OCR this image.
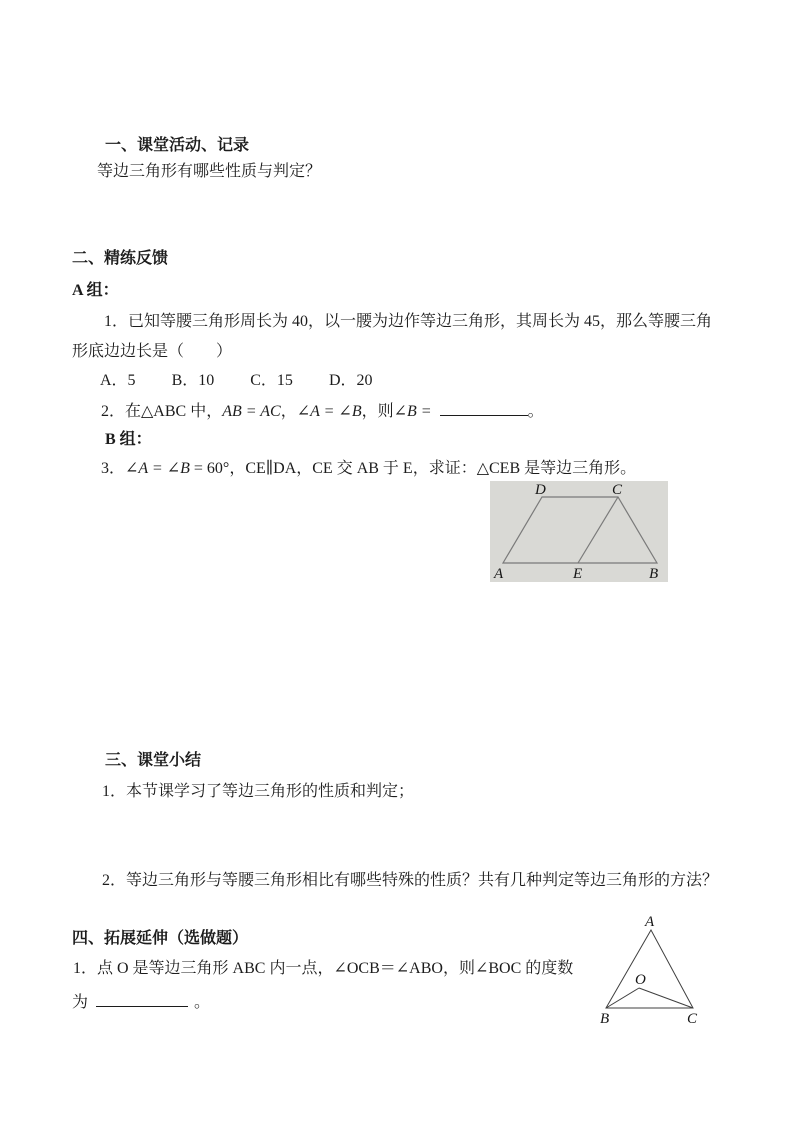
一、课堂活动、记录
等边三角形有哪些性质与判定？
二、精练反馈
A 组：
1．已知等腰三角形周长为 40，以一腰为边作等边三角形，其周长为 45，那么等腰三角
形底边边长是（　　）
A．5 B．10 C．15 D．20
2．在△ABC 中，AB = AC，∠A = ∠B，则∠B =	。
B 组：
3．∠A = ∠B = 60°，CE∥DA，CE 交 AB 于 E，求证：△CEB 是等边三角形。
D	C
A	E	B
三、课堂小结
1．本节课学习了等边三角形的性质和判定；
2．等边三角形与等腰三角形相比有哪些特殊的性质？共有几种判定等边三角形的方法？
四、拓展延伸（选做题）
1．点 O 是等边三角形 ABC 内一点，∠OCB＝∠ABO，则∠BOC 的度数
为	。
A
O
B	C
